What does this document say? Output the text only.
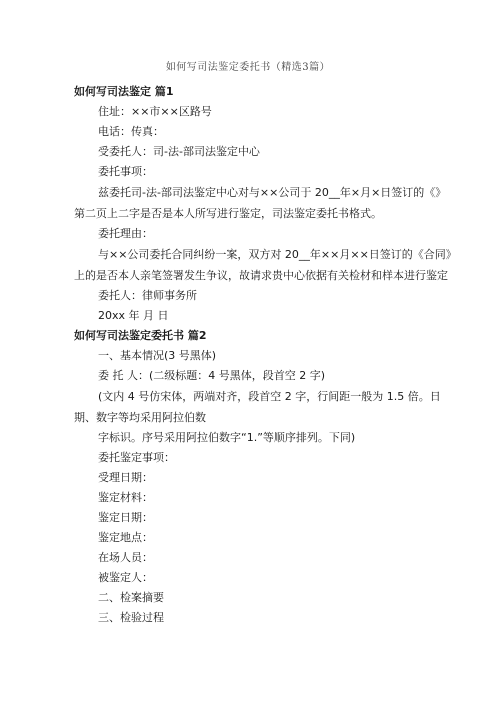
如何写司法鉴定委托书（精选3篇）

如何写司法鉴定 篇1

住址：××市××区路号

电话：传真：

受委托人：司-法-部司法鉴定中心

委托事项：

兹委托司-法-部司法鉴定中心对与××公司于 20__年×月×日签订的《》第二页上二字是否是本人所写进行鉴定，司法鉴定委托书格式。

委托理由：

与××公司委托合同纠纷一案，双方对 20__年××月××日签订的《合同》上的是否本人亲笔签署发生争议，故请求贵中心依据有关检材和样本进行鉴定

委托人：律师事务所

20xx 年 月 日

如何写司法鉴定委托书 篇2

一、基本情况(3 号黑体)

委 托 人：(二级标题：4 号黑体，段首空 2 字)

(文内 4 号仿宋体，两端对齐，段首空 2 字，行间距一般为 1.5 倍。日期、数字等均采用阿拉伯数

字标识。序号采用阿拉伯数字“1.”等顺序排列。下同)

委托鉴定事项：

受理日期：

鉴定材料：

鉴定日期：

鉴定地点：

在场人员：

被鉴定人：

二、检案摘要

三、检验过程
